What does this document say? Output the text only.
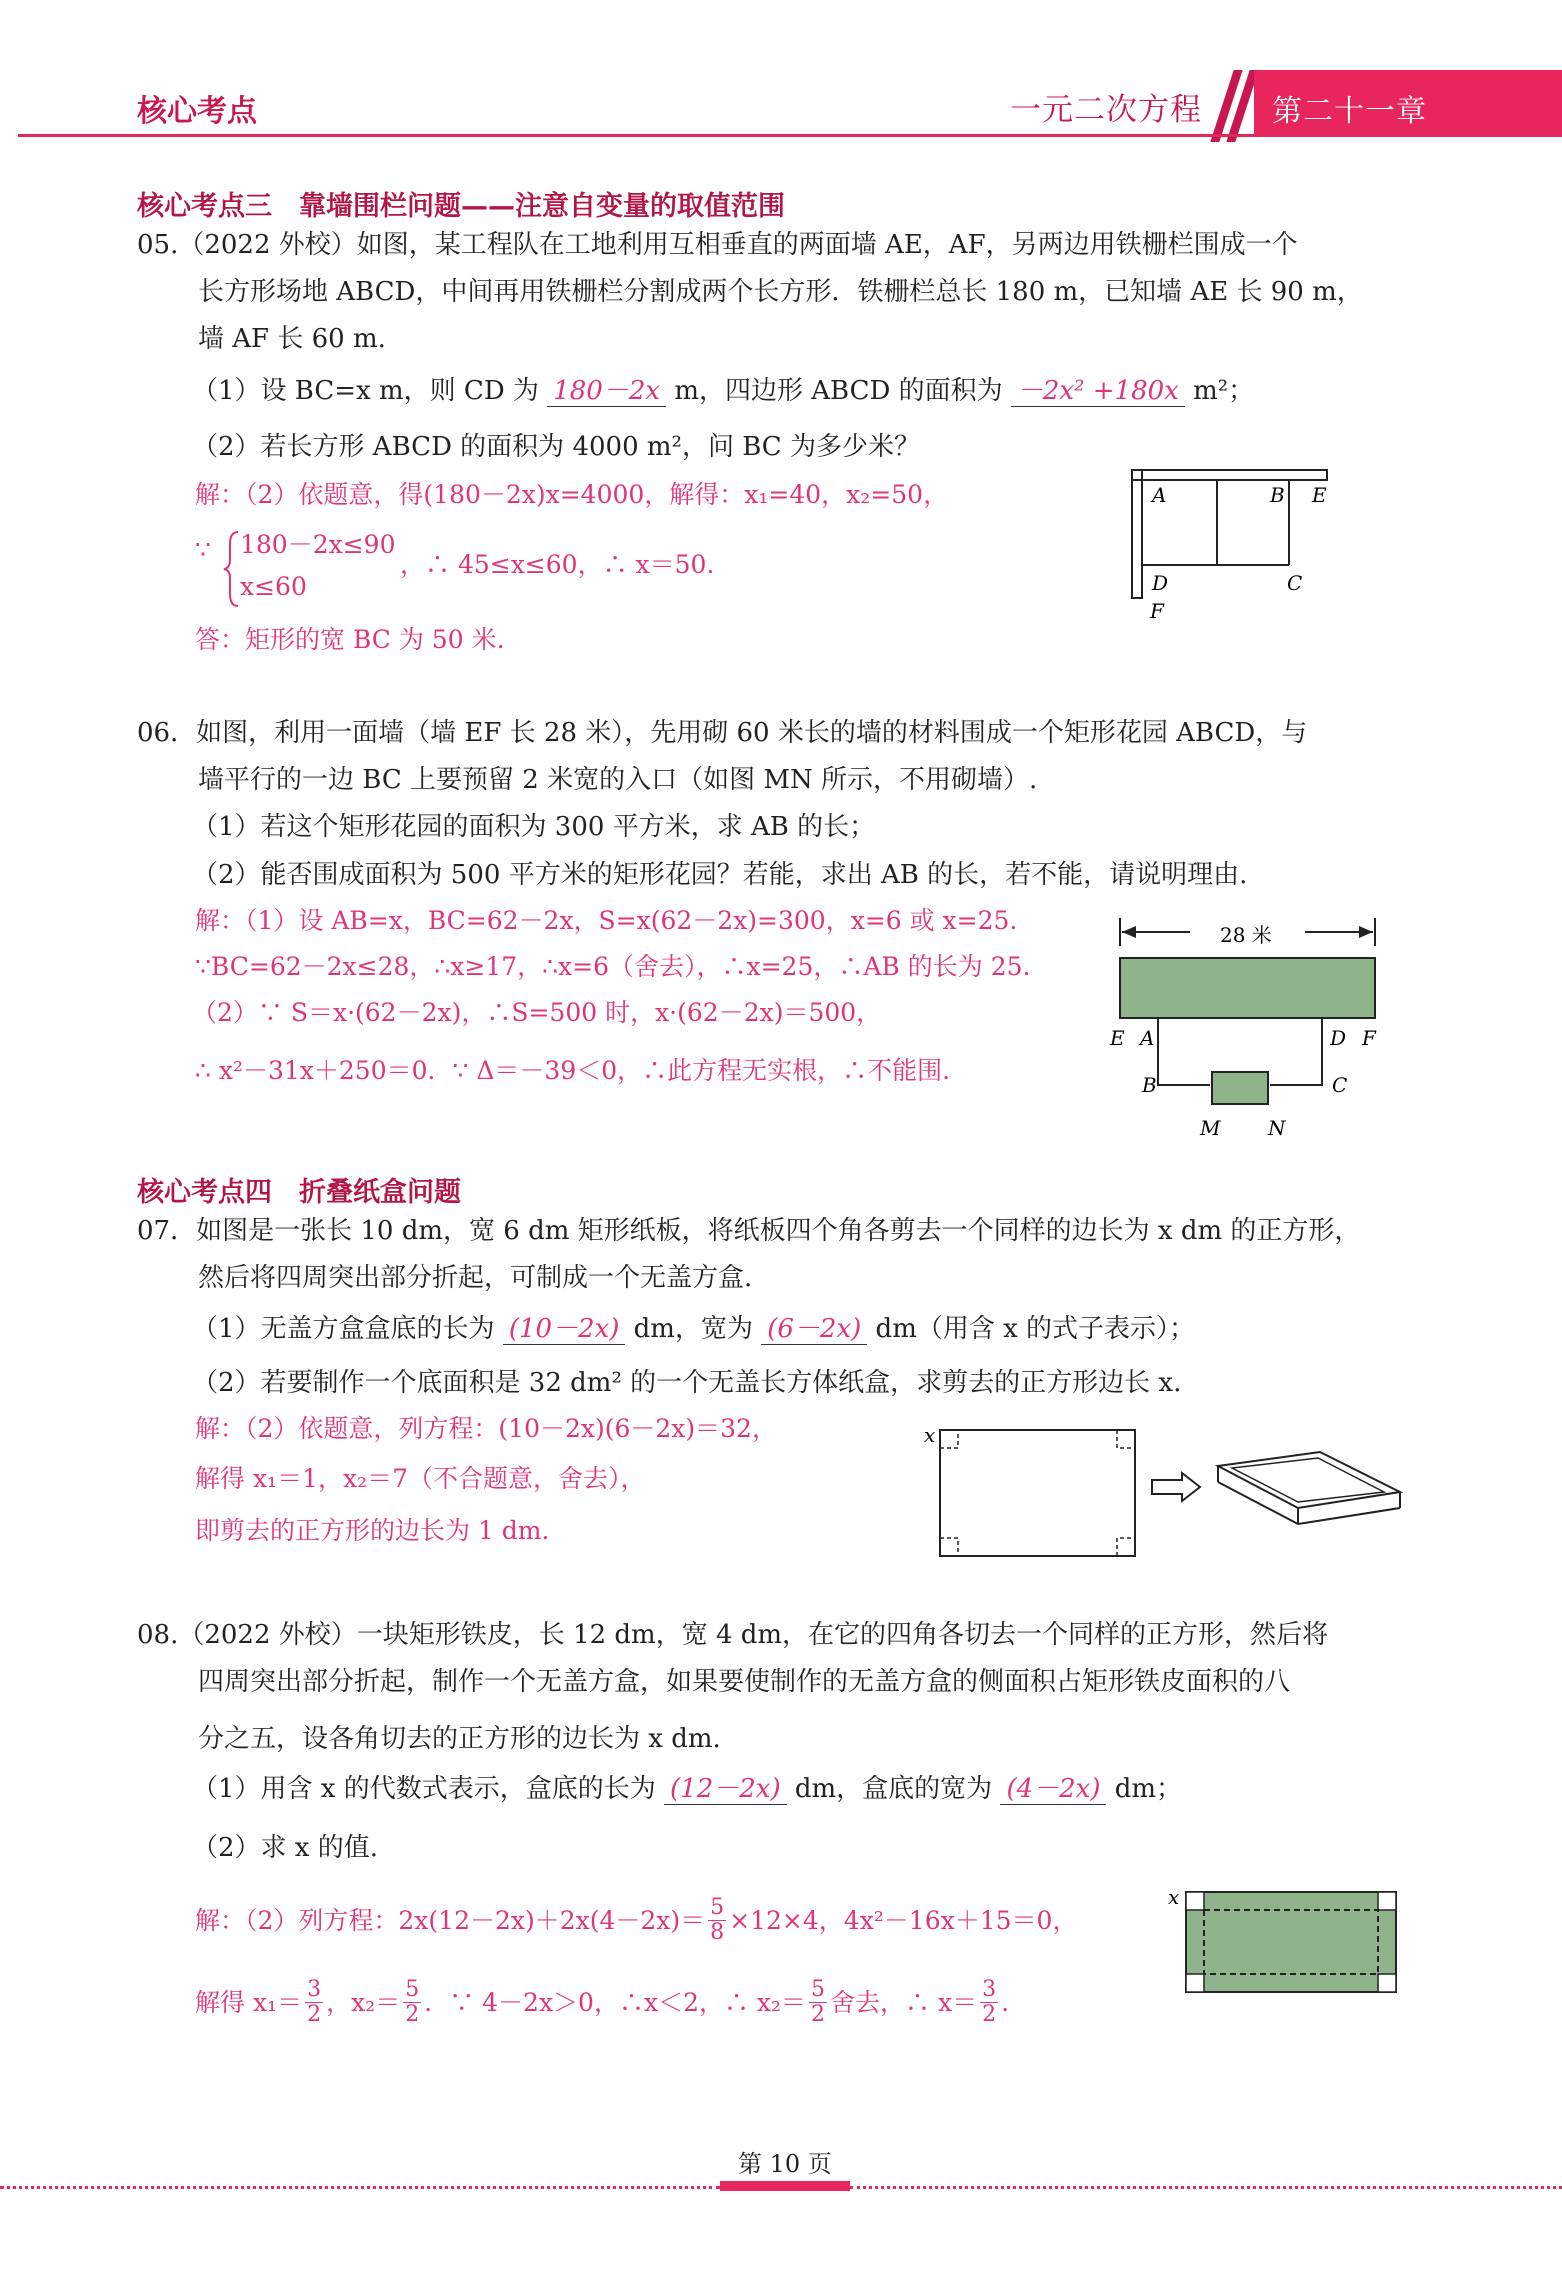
核心考点	一元二次方程 第二十一章
核心考点三　靠墙围栏问题——注意自变量的取值范围
05.（2022 外校）如图，某工程队在工地利用互相垂直的两面墙 AE，AF，另两边用铁栅栏围成一个
长方形场地 ABCD，中间再用铁栅栏分割成两个长方形．铁栅栏总长 180 m，已知墙 AE 长 90 m，
墙 AF 长 60 m.
（1）设 BC=x m，则 CD 为 180－2x m，四边形 ABCD 的面积为 －2x² +180x m²；
（2）若长方形 ABCD 的面积为 4000 m²，问 BC 为多少米？
解：（2）依题意，得(180－2x)x=4000，解得：x₁=40，x₂=50，
∵ 180－2x≤90
x≤60
，∴ 45≤x≤60，∴ x＝50.
答：矩形的宽 BC 为 50 米.
A	B E
D	C
F
06．如图，利用一面墙（墙 EF 长 28 米），先用砌 60 米长的墙的材料围成一个矩形花园 ABCD，与
墙平行的一边 BC 上要预留 2 米宽的入口（如图 MN 所示，不用砌墙）.
（1）若这个矩形花园的面积为 300 平方米，求 AB 的长；
（2）能否围成面积为 500 平方米的矩形花园？若能，求出 AB 的长，若不能，请说明理由.
解：（1）设 AB=x，BC=62－2x，S=x(62－2x)=300，x=6 或 x=25.
∵BC=62－2x≤28，∴x≥17，∴x=6（舍去），∴x=25，∴AB 的长为 25.
（2）∵ S＝x·(62－2x)，∴S=500 时，x·(62－2x)＝500，
∴ x²－31x＋250＝0．∵ Δ＝－39＜0，∴此方程无实根，∴不能围.
28 米
E A	D F
B	C
M N
核心考点四　折叠纸盒问题
07．如图是一张长 10 dm，宽 6 dm 矩形纸板，将纸板四个角各剪去一个同样的边长为 x dm 的正方形，
然后将四周突出部分折起，可制成一个无盖方盒.
（1）无盖方盒盒底的长为 (10－2x) dm，宽为 (6－2x) dm（用含 x 的式子表示）；
（2）若要制作一个底面积是 32 dm² 的一个无盖长方体纸盒，求剪去的正方形边长 x.
解：（2）依题意，列方程：(10－2x)(6－2x)＝32，
解得 x₁＝1，x₂＝7（不合题意，舍去），
即剪去的正方形的边长为 1 dm.
x
08.（2022 外校）一块矩形铁皮，长 12 dm，宽 4 dm，在它的四角各切去一个同样的正方形，然后将
四周突出部分折起，制作一个无盖方盒，如果要使制作的无盖方盒的侧面积占矩形铁皮面积的八
分之五，设各角切去的正方形的边长为 x dm.
（1）用含 x 的代数式表示，盒底的长为 (12－2x) dm，盒底的宽为 (4－2x) dm；
（2）求 x 的值.
解：（2）列方程：$2x(12-2x)+2x(4-2x)= \frac{5}{8} \times 12\times 4$，4x²－16x＋15＝0，
解得 $x_1= \frac{3}{2}$ ，$x_2= \frac{5}{2}$ ．∵ 4－2x＞0，∴x＜2，∴ $x_2= \frac{5}{2}$ 舍去，∴ $x= \frac{3}{2}$ .
x
第 10 页
